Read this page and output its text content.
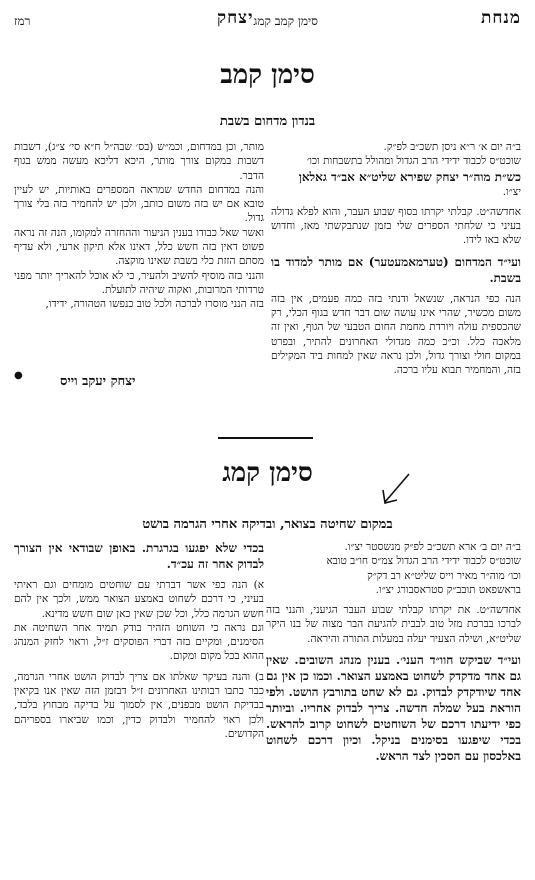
מנחת
סימן קמב קמג
יצחק
רמז
סימן קמב
בנדון מדחום בשבת

ב״ה יום א׳ ר״א ניסן תשכ״ב לפ״ק.

שוכט״ס לכבוד ידידי הרב הגדול ומהולל בתשבחות וכו׳

כש״ת מוה״ר יצחק שפירא שליט״א אב״ד גאלאן

יצ״ו.

אחדשה״ט. קבלתי יקרתו בסוף שבוע העבר, והוא לפלא גדולה בעיני כי שלחתי הספרים שלי בזמן שנתבקשתי מאז, וחדוש שלא באו לידו.

ועי״ד המדחום (טערמאמעטער) אם מותר למדוד בו בשבת.

הנה כפי הנראה, שנשאל ודנתי בזה כמה פעמים, אין בזה משום מכשיר, שהרי אינו עושה שום דבר חדש בגוף הכלי, רק שהכספית עולה ויורדת מחמת החום הטבעי של הגוף, ואין זה מלאכה כלל. וכ״כ כמה מגדולי האחרונים להתיר, ובפרט במקום חולי וצורך גדול, ולכן נראה שאין למחות ביד המקילים בזה, והמחמיר תבוא עליו ברכה.

מותר, וכן במדחום, וכמ״ש (בס׳ שבה״ל ח״א סי׳ צ״ג), דשבות דשבות במקום צורך מותר, היכא דליכא מעשה ממש בגוף הדבר.

והנה במדחום החדש שמראה המספרים באותיות, יש לעיין טובא אם יש בזה משום כותב, ולכן יש להחמיר בזה בלי צורך גדול.

ואשר שאל כבודו בענין הניעור וההחזרה למקומו, הנה זה נראה פשוט דאין בזה חשש כלל, דאינו אלא תיקון ארעי, ולא עדיף מסתם הזזת כלי בשבת שאינו מוקצה.

והנני בזה מוסיף להשיב ולהעיר, כי לא אוכל להאריך יותר מפני טרדותי המרובות, ואקוה שיהיה לתועלת.

בזה הנני מוסרו לברכה ולכל טוב כנפשו הטהורה, ידידו,

יצחק יעקב וייס
●
סימן קמג
במקום שחיטה בצואר, ובדיקה אחרי הגרמה בושט

ב״ה יום ב׳ ארא תשכ״ב לפ״ק מנשסטר יצ״ו.

שוכט״ס לכבוד ידידי הרב הגדול צמ״ס חו״ב טובא

וכו׳ מוה״ר מאיר וייס שליט״א רב דק״ק

בראשפאט תובב״ק סטראסבורג יצ״ו.

אחדשה״ט. את יקרתו קבלתי שבוע העבר הגיעני, והנני בזה לברכו בברכת מזל טוב לבבית להגיעת הבר מצוה של בנו היקר שליט״א, ושילה הצעיר יעלה במעלות התורה והיראה.

ועי״ד שביקש חוו״ד העני׳. בענין מנהג השובים. שאין גם אחד מדקדק לשחוט באמצע הצואר. וכמו כן אין גם אחד שיודקדק לבדוק. גם לא שחט בתורבץ הושט. ולפי הוראת בעל שמלה חדשה. צריך לבדוק אחריו. וביותר כפי ידיעתו דרכם של השוחטים לשחוט קרוב להראש. בכדי שיפגעו בסימנים בניקל. וכיון דרכם לשחוט באלכסון עם הסכין לצד הראש.

בכדי שלא יפגעו בגרגרת. באופן שבודאי אין הצורך לבדוק אחר זה עכ״ד.

א) הנה כפי אשר דברתי עם שוחטים מומחים וגם ראיתי בעיני, כי דרכם לשחוט באמצע הצואר ממש, ולכך אין להם חשש הגרמה כלל, וכל שכן שאין כאן שום חשש מדינא.

וגם נראה כי השוחט הזהיר בודק תמיד אחר השחיטה את הסימנים, ומקיים בזה דברי הפוסקים ז״ל, וראוי לחזק המנהג ההוא בכל מקום ומקום.

ב) והנה בעיקר שאלתו אם צריך לבדוק הושט אחרי הגרמה, כבר כתבו רבותינו האחרונים ז״ל דבזמן הזה שאין אנו בקיאין בבדיקת הושט מבפנים, אין לסמוך על בדיקה מבחוץ בלבד, ולכן ראוי להחמיר ולבדוק כדין, וכמו שביארו בספריהם הקדושים.
